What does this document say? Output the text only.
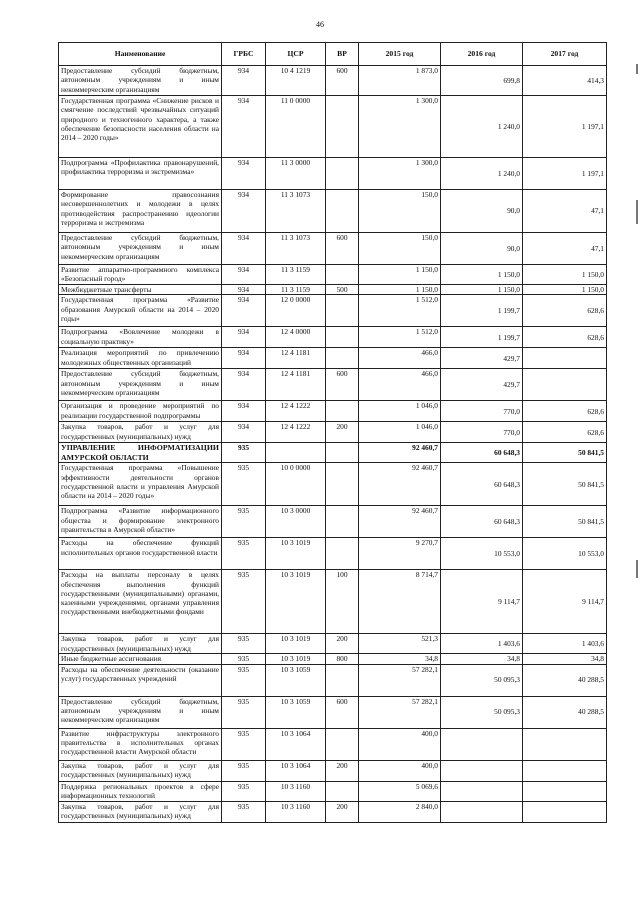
46
Наименование	ГРБС	ЦСР	ВР	2015 год	2016 год	2017 год
Предоставление субсидий бюджетным, автономным учреждениям и иным некоммерческим организациям	934	10 4 1219	600	1 873,0	699,8	414,3
Государственная программа «Снижение рисков и смягчение последствий чрезвычайных ситуаций природного и техногенного характера, а также обеспечение безопасности населения области на 2014 – 2020 годы»	934	11 0 0000		1 300,0	1 240,0	1 197,1
Подпрограмма «Профилактика правонарушений, профилактика терроризма и экстремизма»	934	11 3 0000		1 300,0	1 240,0	1 197,1
Формирование правосознания несовершеннолетних и молодежи в целях противодействия распространению идеологии терроризма и экстремизма	934	11 3 1073		150,0	90,0	47,1
Предоставление субсидий бюджетным, автономным учреждениям и иным некоммерческим организациям	934	11 3 1073	600	150,0	90,0	47,1
Развитие аппаратно-программного комплекса «Безопасный город»	934	11 3 1159		1 150,0	1 150,0	1 150,0
Межбюджетные трансферты	934	11 3 1159	500	1 150,0	1 150,0	1 150,0
Государственная программа «Развитие образования Амурской области на 2014 – 2020 годы»	934	12 0 0000		1 512,0	1 199,7	628,6
Подпрограмма «Вовлечение молодежи в социальную практику»	934	12 4 0000		1 512,0	1 199,7	628,6
Реализация мероприятий по привлечению молодежных общественных организаций	934	12 4 1181		466,0	429,7	
Предоставление субсидий бюджетным, автономным учреждениям и иным некоммерческим организациям	934	12 4 1181	600	466,0	429,7	
Организация и проведение мероприятий по реализации государственной подпрограммы	934	12 4 1222		1 046,0	770,0	628,6
Закупка товаров, работ и услуг для государственных (муниципальных) нужд	934	12 4 1222	200	1 046,0	770,0	628,6
УПРАВЛЕНИЕ ИНФОРМАТИЗАЦИИ АМУРСКОЙ ОБЛАСТИ	935			92 460,7	60 648,3	50 841,5
Государственная программа «Повышение эффективности деятельности органов государственной власти и управления Амурской области на 2014 – 2020 годы»	935	10 0 0000		92 460,7	60 648,3	50 841,5
Подпрограмма «Развитие информационного общества и формирование электронного правительства в Амурской области»	935	10 3 0000		92 460,7	60 648,3	50 841,5
Расходы на обеспечение функций исполнительных органов государственной власти	935	10 3 1019		9 270,7	10 553,0	10 553,0
Расходы на выплаты персоналу в целях обеспечения выполнения функций государственными (муниципальными) органами, казенными учреждениями, органами управления государственными внебюджетными фондами	935	10 3 1019	100	8 714,7	9 114,7	9 114,7
Закупка товаров, работ и услуг для государственных (муниципальных) нужд	935	10 3 1019	200	521,3	1 403,6	1 403,6
Иные бюджетные ассигнования	935	10 3 1019	800	34,8	34,8	34,8
Расходы на обеспечение деятельности (оказание услуг) государственных учреждений	935	10 3 1059		57 282,1	50 095,3	40 288,5
Предоставление субсидий бюджетным, автономным учреждениям и иным некоммерческим организациям	935	10 3 1059	600	57 282,1	50 095,3	40 288,5
Развитие инфраструктуры электронного правительства в исполнительных органах государственной власти Амурской области	935	10 3 1064		400,0		
Закупка товаров, работ и услуг для государственных (муниципальных) нужд	935	10 3 1064	200	400,0		
Поддержка региональных проектов в сфере информационных технологий	935	10 3 1160		5 069,6		
Закупка товаров, работ и услуг для государственных (муниципальных) нужд	935	10 3 1160	200	2 840,0		
